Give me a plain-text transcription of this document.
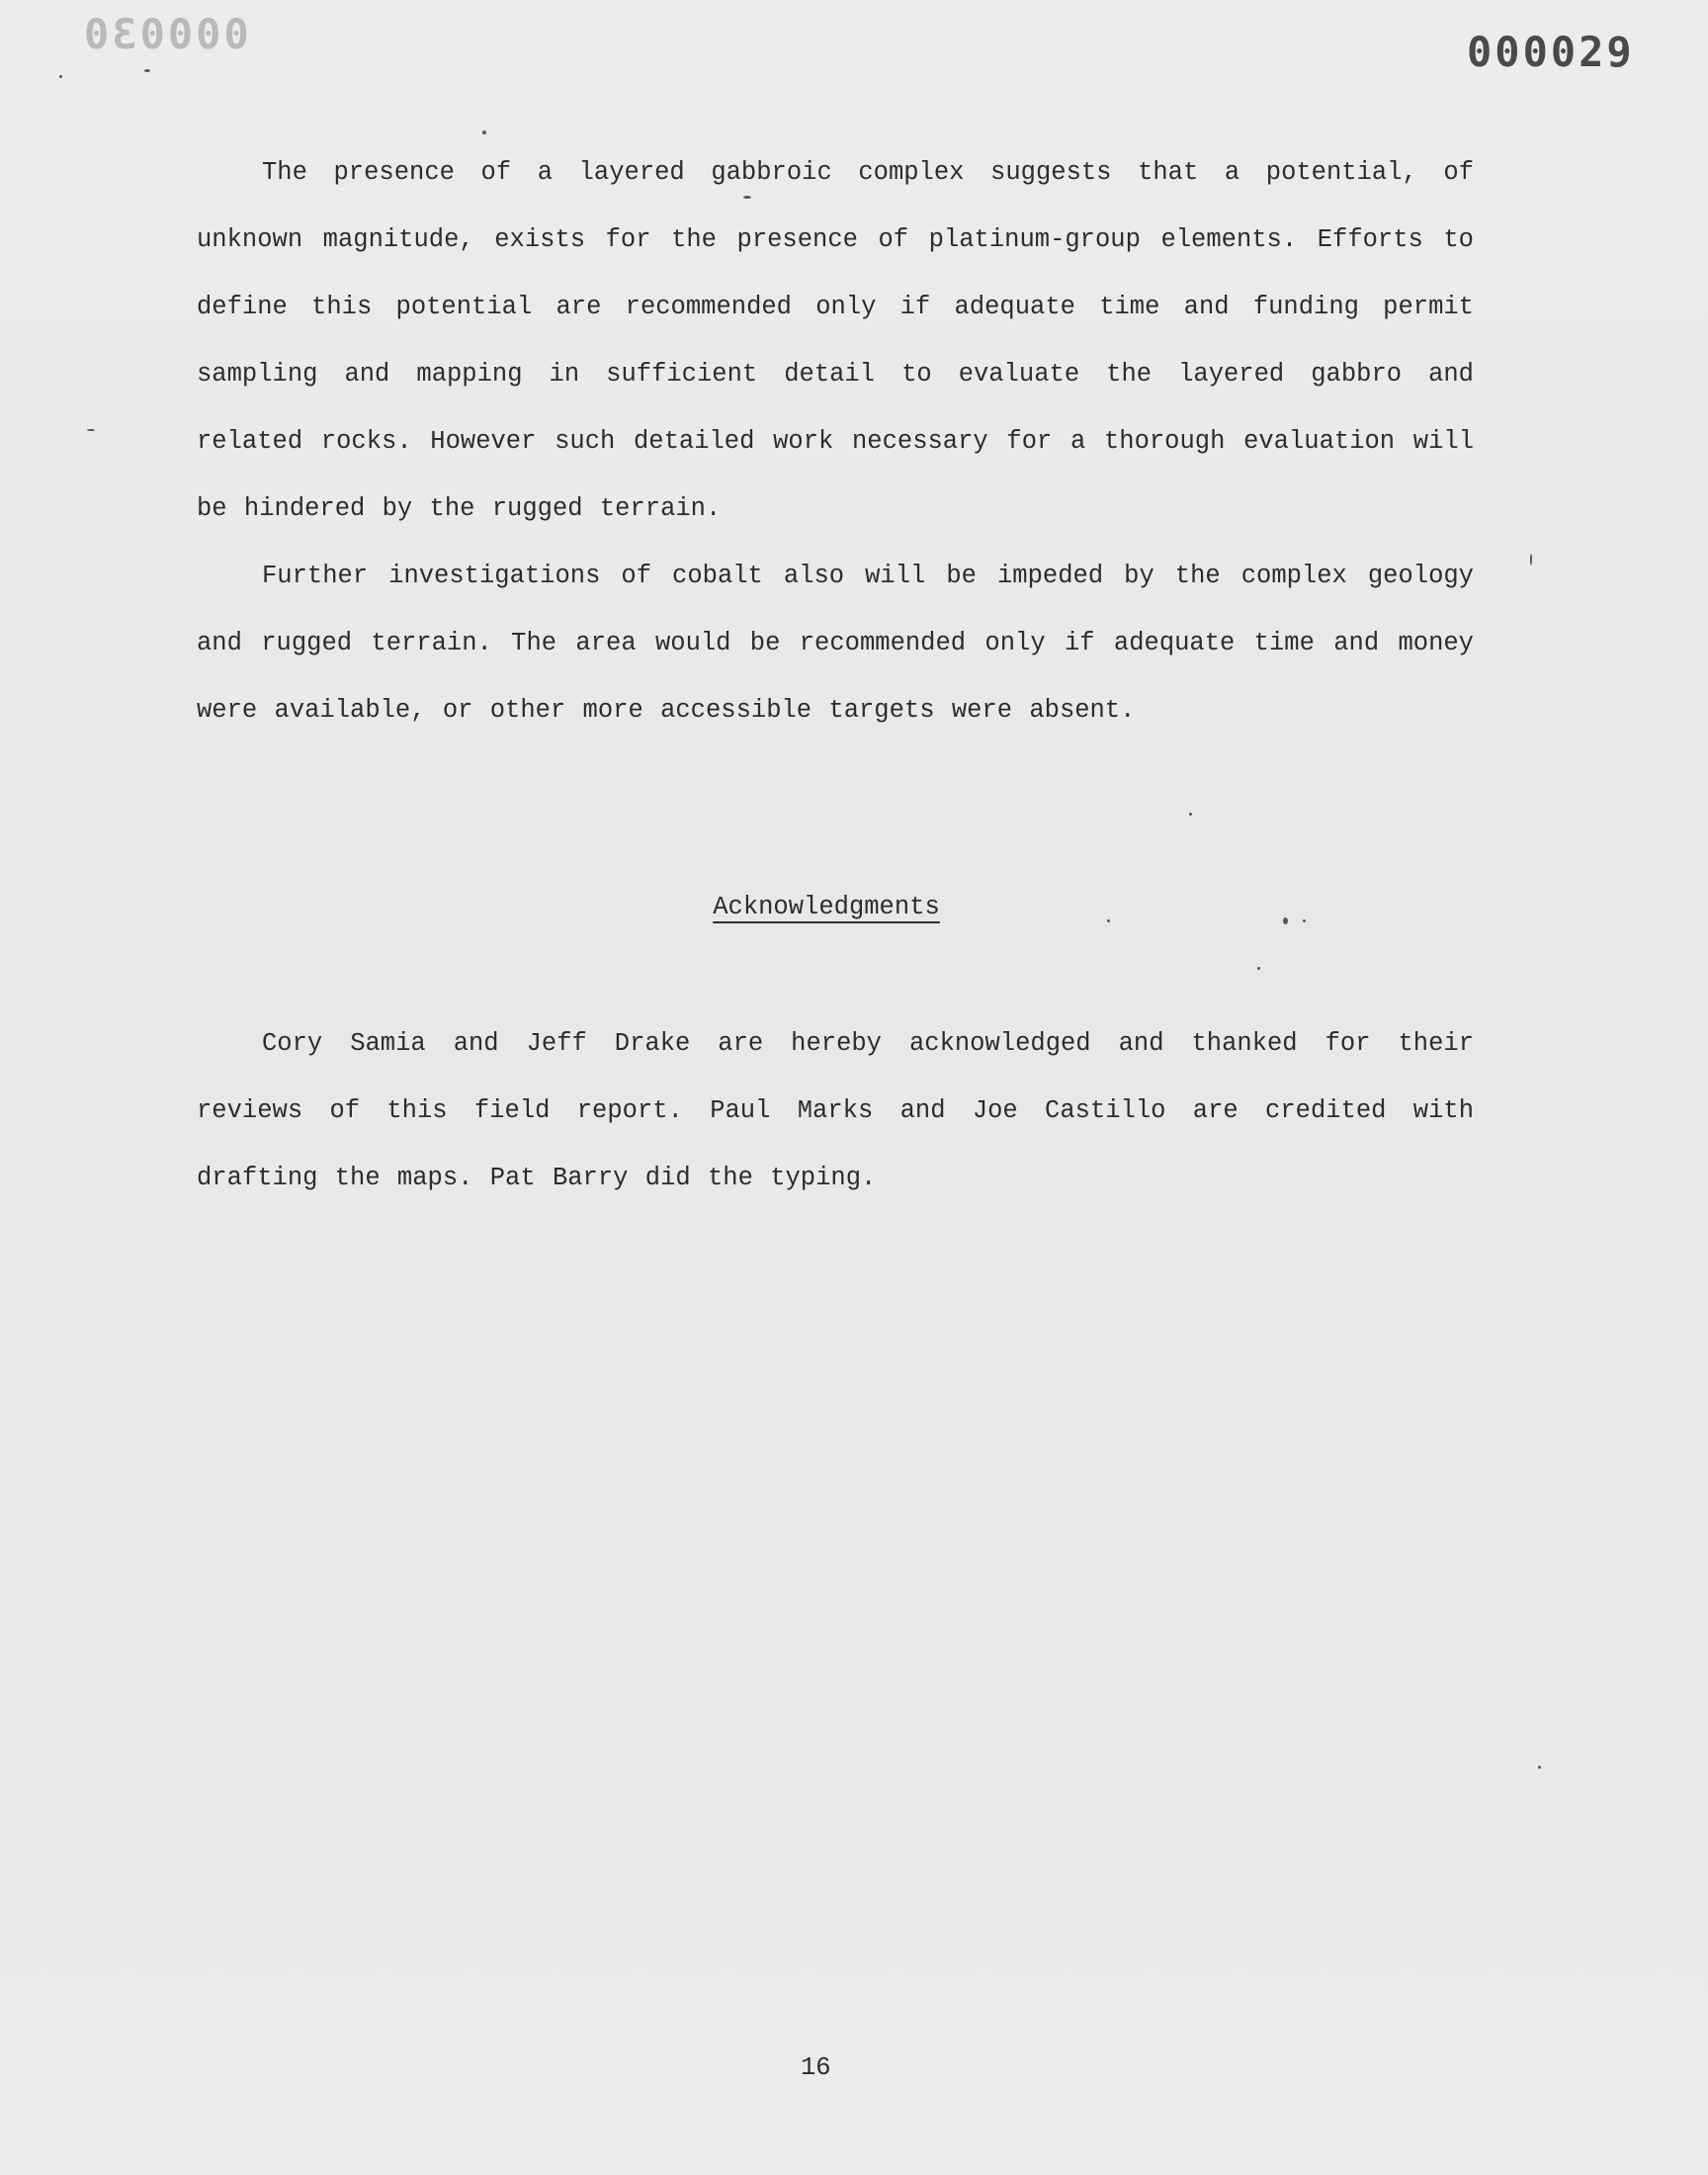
000030	000029

The presence of a layered gabbroic complex suggests that a potential, of unknown magnitude, exists for the presence of platinum-group elements. Efforts to define this potential are recommended only if adequate time and funding permit sampling and mapping in sufficient detail to evaluate the layered gabbro and related rocks. However such detailed work necessary for a thorough evaluation will be hindered by the rugged terrain.

Further investigations of cobalt also will be impeded by the complex geology and rugged terrain. The area would be recommended only if adequate time and money were available, or other more accessible targets were absent.

Acknowledgments

Cory Samia and Jeff Drake are hereby acknowledged and thanked for their reviews of this field report. Paul Marks and Joe Castillo are credited with drafting the maps. Pat Barry did the typing.

16
